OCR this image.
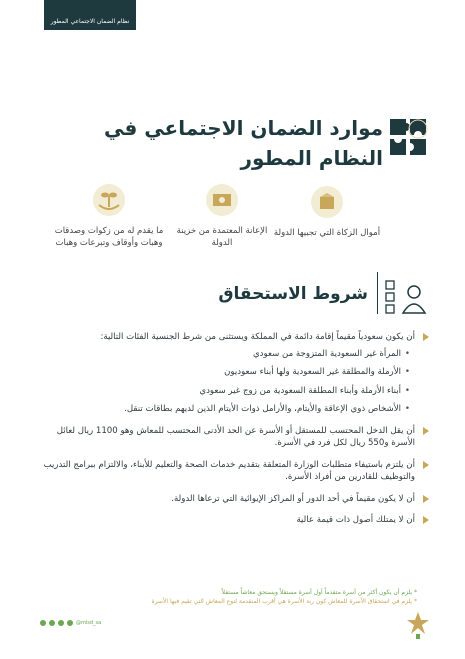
نظام الضمان الاجتماعي المطور
موارد الضمان الاجتماعي في النظام المطور
أموال الزكاة التي تجبيها الدولة
الإعانة المعتمدة من خزينة الدولة
ما يقدم له من زكوات وصدقات وهبات وأوقاف وتبرعات وهبات
شروط الاستحقاق
أن يكون سعودياً مقيماً إقامة دائمة في المملكة ويستثنى من شرط الجنسية الفئات التالية:
• المرأة غير السعودية المتزوجة من سعودي
• الأرملة والمطلقة غير السعودية ولها أبناء سعوديون
• أبناء الأرملة وأبناء المطلقة السعودية من زوج غير سعودي
• الأشخاص ذوي الإعاقة والأيتام، والأرامل ذوات الأيتام الذين لديهم بطاقات تنقل.
أن يقل الدخل المحتسب للمستقل أو الأسرة عن الحد الأدنى المحتسب للمعاش وهو 1100 ريال لعائل الأسرة و550 ريال لكل فرد في الأسرة.
أن يلتزم باستيفاء متطلبات الوزارة المتعلقة بتقديم خدمات الصحة والتعليم للأبناء، والالتزام ببرامج التدريب والتوظيف للقادرين من أفراد الأسرة.
أن لا يكون مقيماً في أحد الدور أو المراكز الإيوائية التي ترعاها الدولة.
أن لا يمتلك أصول ذات قيمة عالية
* يلزم أن يكون أكثر من أسرة متقدماً أول أسرة مستقلاً ويستحق معاشاً مستقلاً
* يلزم في استحقاق الأسرة للمعاش كون ربة الأسرة هي أقرب المتقدمة لنوع المعاش التي تقيم فيها الأسرة
@mlsd_sa
